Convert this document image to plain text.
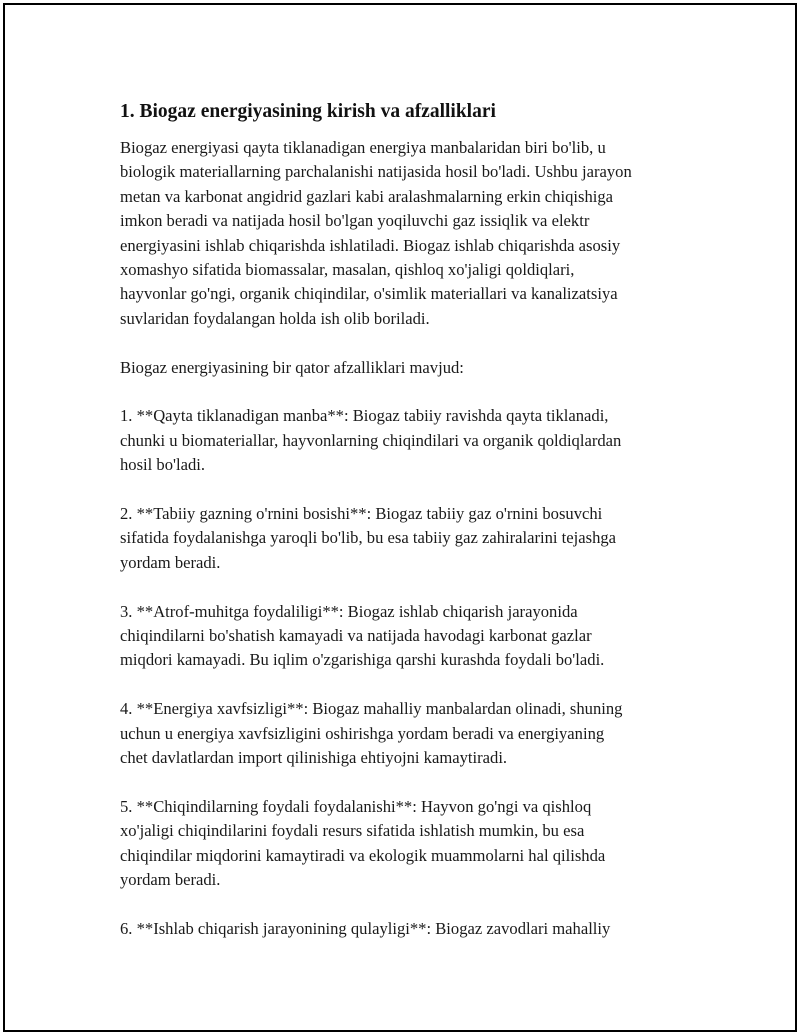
1. Biogaz energiyasining kirish va afzalliklari

Biogaz energiyasi qayta tiklanadigan energiya manbalaridan biri bo'lib, u
biologik materiallarning parchalanishi natijasida hosil bo'ladi. Ushbu jarayon
metan va karbonat angidrid gazlari kabi aralashmalarning erkin chiqishiga
imkon beradi va natijada hosil bo'lgan yoqiluvchi gaz issiqlik va elektr
energiyasini ishlab chiqarishda ishlatiladi. Biogaz ishlab chiqarishda asosiy
xomashyo sifatida biomassalar, masalan, qishloq xo'jaligi qoldiqlari,
hayvonlar go'ngi, organik chiqindilar, o'simlik materiallari va kanalizatsiya
suvlaridan foydalangan holda ish olib boriladi.

Biogaz energiyasining bir qator afzalliklari mavjud:

1. **Qayta tiklanadigan manba**: Biogaz tabiiy ravishda qayta tiklanadi,
chunki u biomateriallar, hayvonlarning chiqindilari va organik qoldiqlardan
hosil bo'ladi.

2. **Tabiiy gazning o'rnini bosishi**: Biogaz tabiiy gaz o'rnini bosuvchi
sifatida foydalanishga yaroqli bo'lib, bu esa tabiiy gaz zahiralarini tejashga
yordam beradi.

3. **Atrof-muhitga foydaliligi**: Biogaz ishlab chiqarish jarayonida
chiqindilarni bo'shatish kamayadi va natijada havodagi karbonat gazlar
miqdori kamayadi. Bu iqlim o'zgarishiga qarshi kurashda foydali bo'ladi.

4. **Energiya xavfsizligi**: Biogaz mahalliy manbalardan olinadi, shuning
uchun u energiya xavfsizligini oshirishga yordam beradi va energiyaning
chet davlatlardan import qilinishiga ehtiyojni kamaytiradi.

5. **Chiqindilarning foydali foydalanishi**: Hayvon go'ngi va qishloq
xo'jaligi chiqindilarini foydali resurs sifatida ishlatish mumkin, bu esa
chiqindilar miqdorini kamaytiradi va ekologik muammolarni hal qilishda
yordam beradi.

6. **Ishlab chiqarish jarayonining qulayligi**: Biogaz zavodlari mahalliy
